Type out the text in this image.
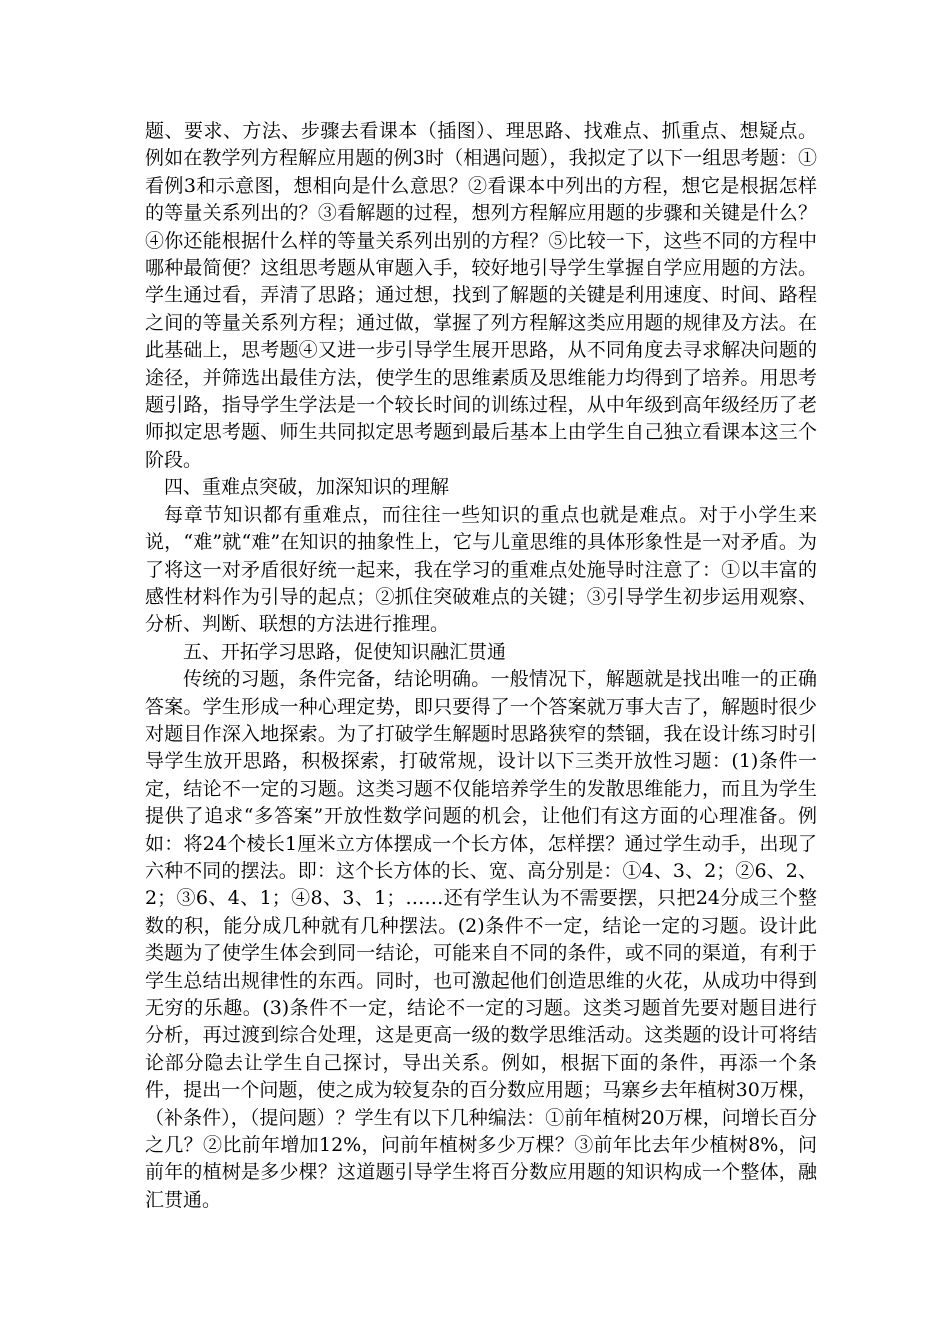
题、要求、方法、步骤去看课本（插图）、理思路、找难点、抓重点、想疑点。例如在教学列方程解应用题的例3时（相遇问题），我拟定了以下一组思考题：①看例3和示意图，想相向是什么意思？②看课本中列出的方程，想它是根据怎样的等量关系列出的？③看解题的过程，想列方程解应用题的步骤和关键是什么？④你还能根据什么样的等量关系列出别的方程？⑤比较一下，这些不同的方程中哪种最简便？这组思考题从审题入手，较好地引导学生掌握自学应用题的方法。学生通过看，弄清了思路；通过想，找到了解题的关键是利用速度、时间、路程之间的等量关系列方程；通过做，掌握了列方程解这类应用题的规律及方法。在此基础上，思考题④又进一步引导学生展开思路，从不同角度去寻求解决问题的途径，并筛选出最佳方法，使学生的思维素质及思维能力均得到了培养。用思考题引路，指导学生学法是一个较长时间的训练过程，从中年级到高年级经历了老师拟定思考题、师生共同拟定思考题到最后基本上由学生自己独立看课本这三个阶段。

四、重难点突破，加深知识的理解

每章节知识都有重难点，而往往一些知识的重点也就是难点。对于小学生来说，“难”就“难”在知识的抽象性上，它与儿童思维的具体形象性是一对矛盾。为了将这一对矛盾很好统一起来，我在学习的重难点处施导时注意了：①以丰富的感性材料作为引导的起点；②抓住突破难点的关键；③引导学生初步运用观察、分析、判断、联想的方法进行推理。

五、开拓学习思路，促使知识融汇贯通

传统的习题，条件完备，结论明确。一般情况下，解题就是找出唯一的正确答案。学生形成一种心理定势，即只要得了一个答案就万事大吉了，解题时很少对题目作深入地探索。为了打破学生解题时思路狭窄的禁锢，我在设计练习时引导学生放开思路，积极探索，打破常规，设计以下三类开放性习题：(1)条件一定，结论不一定的习题。这类习题不仅能培养学生的发散思维能力，而且为学生提供了追求“多答案”开放性数学问题的机会，让他们有这方面的心理准备。例如：将24个棱长1厘米立方体摆成一个长方体，怎样摆？通过学生动手，出现了六种不同的摆法。即：这个长方体的长、宽、高分别是：①4、3、2；②6、2、2；③6、4、1；④8、3、1；……还有学生认为不需要摆，只把24分成三个整数的积，能分成几种就有几种摆法。(2)条件不一定，结论一定的习题。设计此类题为了使学生体会到同一结论，可能来自不同的条件，或不同的渠道，有利于学生总结出规律性的东西。同时，也可激起他们创造思维的火花，从成功中得到无穷的乐趣。(3)条件不一定，结论不一定的习题。这类习题首先要对题目进行分析，再过渡到综合处理，这是更高一级的数学思维活动。这类题的设计可将结论部分隐去让学生自己探讨，导出关系。例如，根据下面的条件，再添一个条件，提出一个问题，使之成为较复杂的百分数应用题；马寨乡去年植树30万棵，（补条件），（提问题）？学生有以下几种编法：①前年植树20万棵，问增长百分之几？②比前年增加12%，问前年植树多少万棵？③前年比去年少植树8%，问前年的植树是多少棵？这道题引导学生将百分数应用题的知识构成一个整体，融汇贯通。
